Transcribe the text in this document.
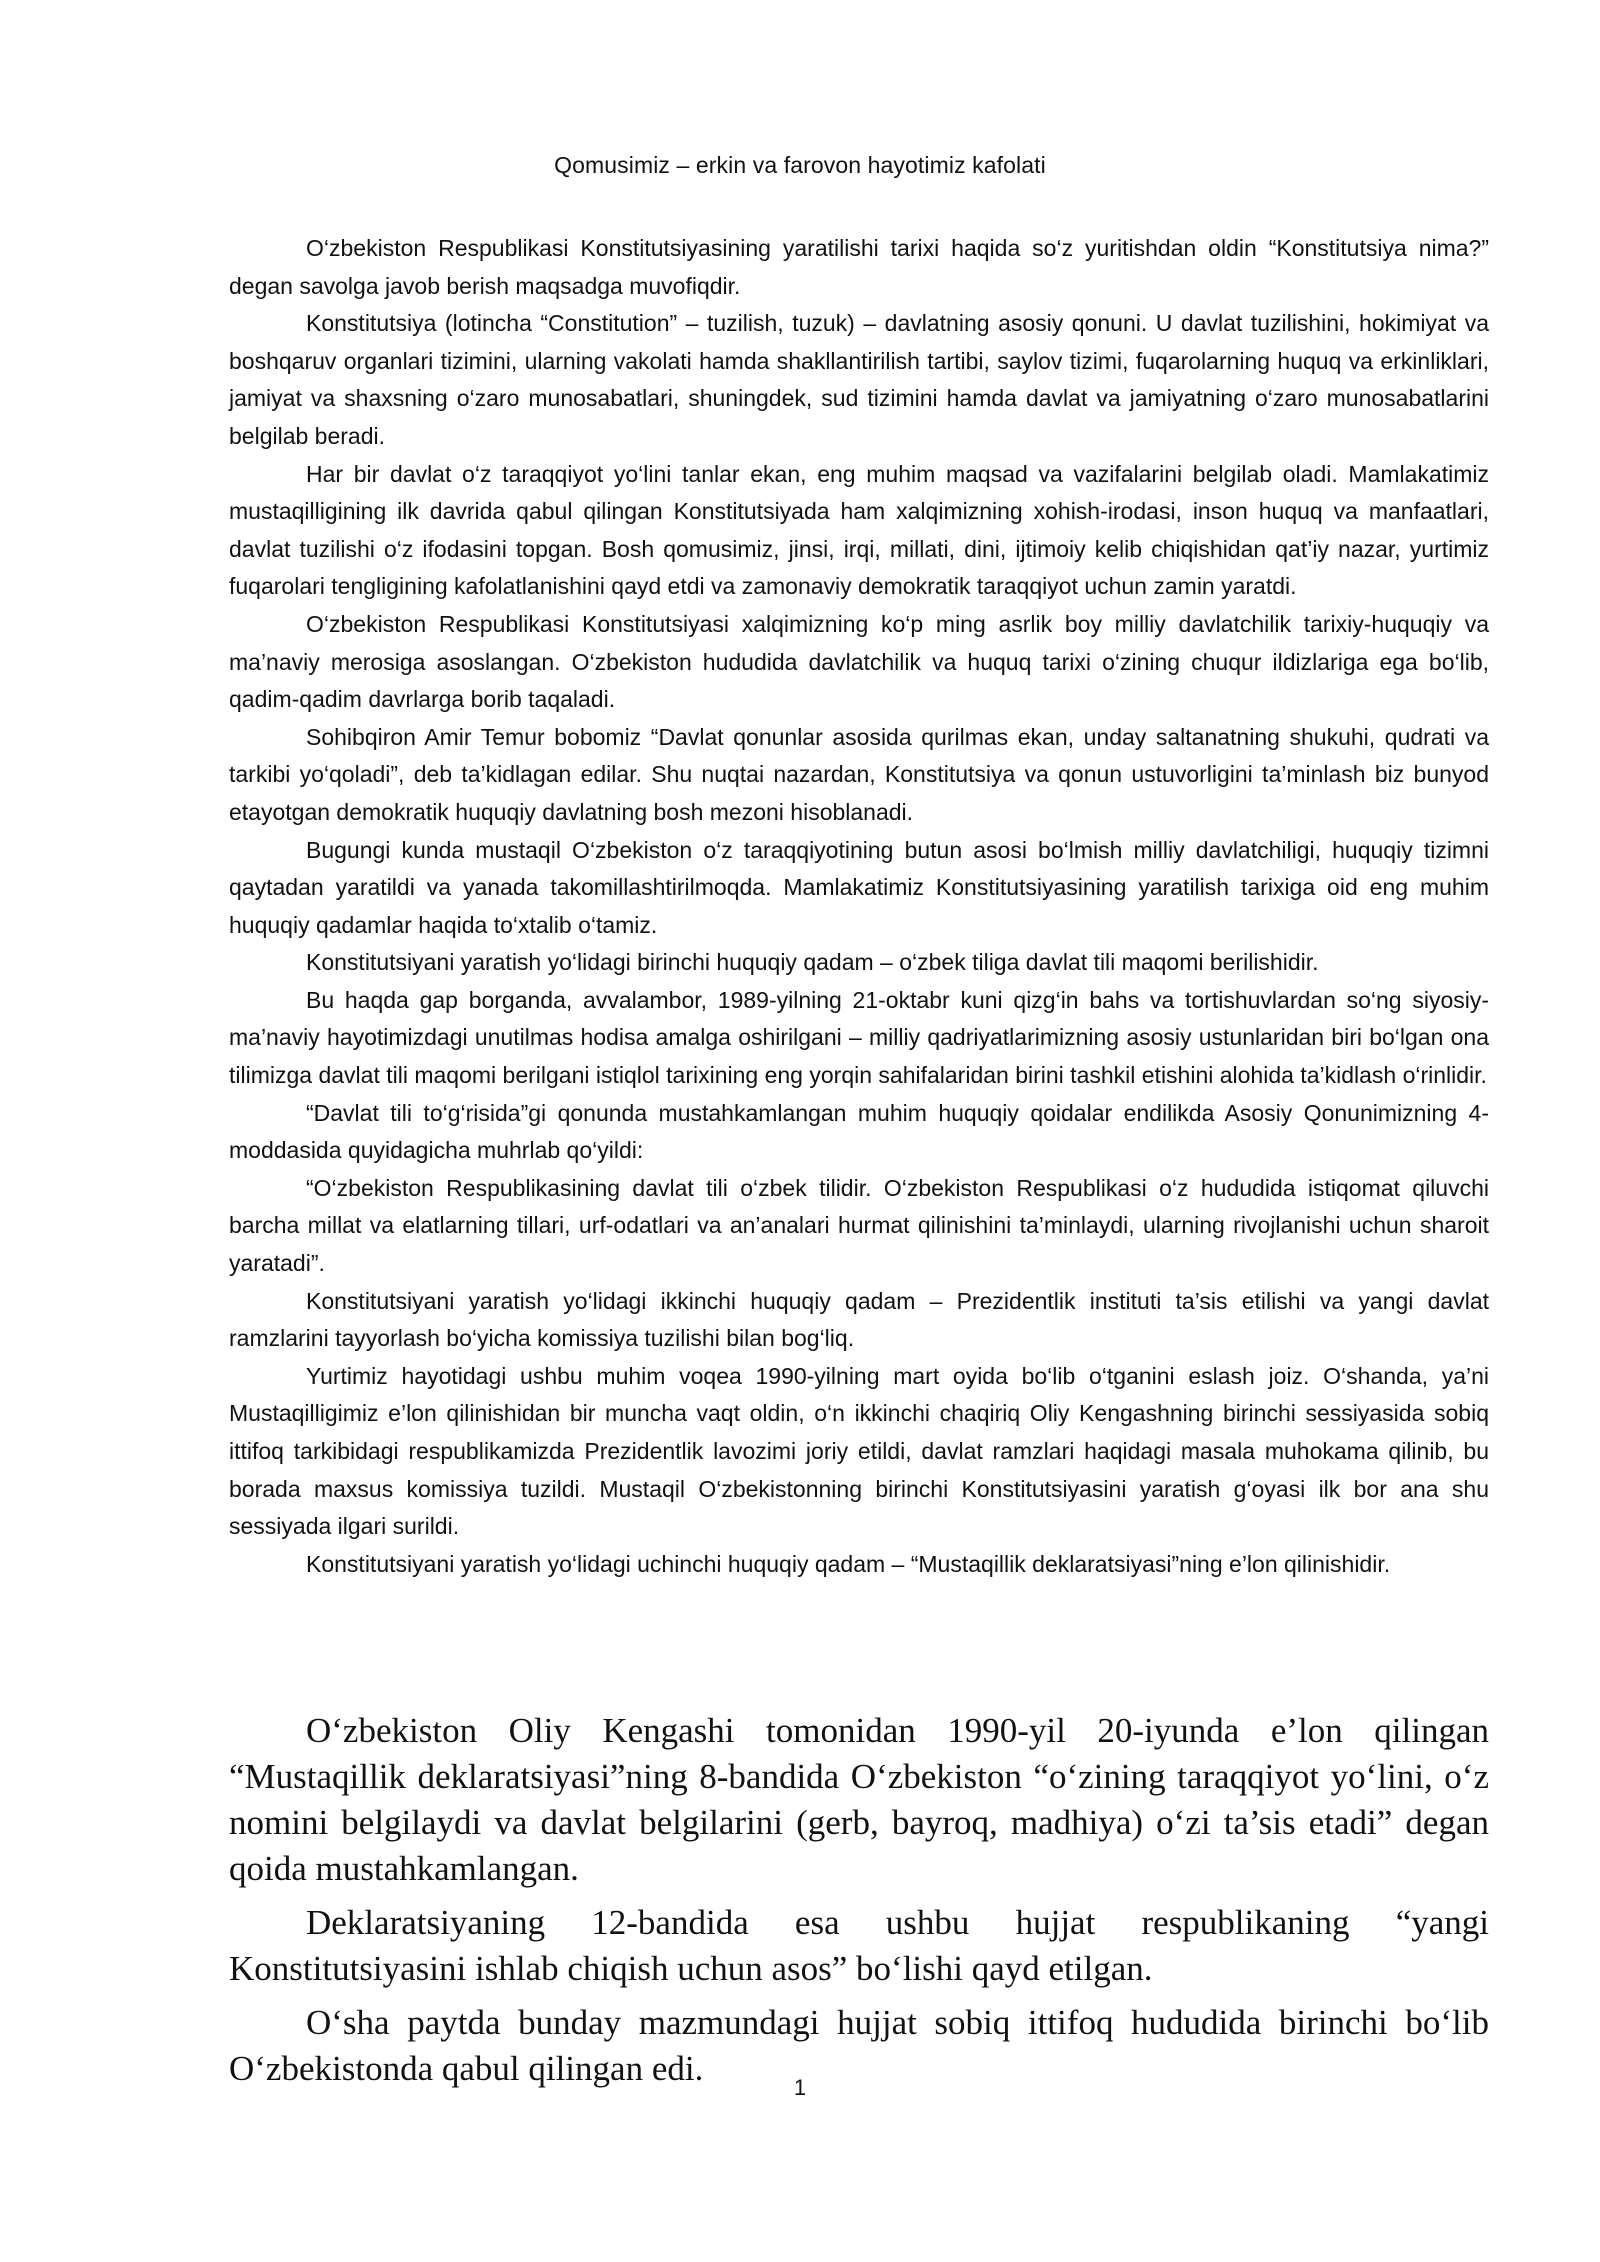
Qomusimiz – erkin va farovon hayotimiz kafolati

O‘zbekiston Respublikasi Konstitutsiyasining yaratilishi tarixi haqida so‘z yuritishdan oldin “Konstitutsiya nima?” degan savolga javob berish maqsadga muvofiqdir.

Konstitutsiya (lotincha “Constitution” – tuzilish, tuzuk) – davlatning asosiy qonuni. U davlat tuzilishini, hokimiyat va boshqaruv organlari tizimini, ularning vakolati hamda shakllantirilish tartibi, saylov tizimi, fuqarolarning huquq va erkinliklari, jamiyat va shaxsning o‘zaro munosabatlari, shuningdek, sud tizimini hamda davlat va jamiyatning o‘zaro munosabatlarini belgilab beradi.

Har bir davlat o‘z taraqqiyot yo‘lini tanlar ekan, eng muhim maqsad va vazifalarini belgilab oladi. Mamlakatimiz mustaqilligining ilk davrida qabul qilingan Konstitutsiyada ham xalqimizning xohish-irodasi, inson huquq va manfaatlari, davlat tuzilishi o‘z ifodasini topgan. Bosh qomusimiz, jinsi, irqi, millati, dini, ijtimoiy kelib chiqishidan qat’iy nazar, yurtimiz fuqarolari tengligining kafolatlanishini qayd etdi va zamonaviy demokratik taraqqiyot uchun zamin yaratdi.

O‘zbekiston Respublikasi Konstitutsiyasi xalqimizning ko‘p ming asrlik boy milliy davlatchilik tarixiy-huquqiy va ma’naviy merosiga asoslangan. O‘zbekiston hududida davlatchilik va huquq tarixi o‘zining chuqur ildizlariga ega bo‘lib, qadim-qadim davrlarga borib taqaladi.

Sohibqiron Amir Temur bobomiz “Davlat qonunlar asosida qurilmas ekan, unday saltanatning shukuhi, qudrati va tarkibi yo‘qoladi”, deb ta’kidlagan edilar. Shu nuqtai nazardan, Konstitutsiya va qonun ustuvorligini ta’minlash biz bunyod etayotgan demokratik huquqiy davlatning bosh mezoni hisoblanadi.

Bugungi kunda mustaqil O‘zbekiston o‘z taraqqiyotining butun asosi bo‘lmish milliy davlatchiligi, huquqiy tizimni qaytadan yaratildi va yanada takomillashtirilmoqda. Mamlakatimiz Konstitutsiyasining yaratilish tarixiga oid eng muhim huquqiy qadamlar haqida to‘xtalib o‘tamiz.

Konstitutsiyani yaratish yo‘lidagi birinchi huquqiy qadam – o‘zbek tiliga davlat tili maqomi berilishidir.

Bu haqda gap borganda, avvalambor, 1989-yilning 21-oktabr kuni qizg‘in bahs va tortishuvlardan so‘ng siyosiy-ma’naviy hayotimizdagi unutilmas hodisa amalga oshirilgani – milliy qadriyatlarimizning asosiy ustunlaridan biri bo‘lgan ona tilimizga davlat tili maqomi berilgani istiqlol tarixining eng yorqin sahifalaridan birini tashkil etishini alohida ta’kidlash o‘rinlidir.

“Davlat tili to‘g‘risida”gi qonunda mustahkamlangan muhim huquqiy qoidalar endilikda Asosiy Qonunimizning 4-moddasida quyidagicha muhrlab qo‘yildi:

“O‘zbekiston Respublikasining davlat tili o‘zbek tilidir. O‘zbekiston Respublikasi o‘z hududida istiqomat qiluvchi barcha millat va elatlarning tillari, urf-odatlari va an’analari hurmat qilinishini ta’minlaydi, ularning rivojlanishi uchun sharoit yaratadi”.

Konstitutsiyani yaratish yo‘lidagi ikkinchi huquqiy qadam – Prezidentlik instituti ta’sis etilishi va yangi davlat ramzlarini tayyorlash bo‘yicha komissiya tuzilishi bilan bog‘liq.

Yurtimiz hayotidagi ushbu muhim voqea 1990-yilning mart oyida bo‘lib o‘tganini eslash joiz. O‘shanda, ya’ni Mustaqilligimiz e’lon qilinishidan bir muncha vaqt oldin, o‘n ikkinchi chaqiriq Oliy Kengashning birinchi sessiyasida sobiq ittifoq tarkibidagi respublikamizda Prezidentlik lavozimi joriy etildi, davlat ramzlari haqidagi masala muhokama qilinib, bu borada maxsus komissiya tuzildi. Mustaqil O‘zbekistonning birinchi Konstitutsiyasini yaratish g‘oyasi ilk bor ana shu sessiyada ilgari surildi.

Konstitutsiyani yaratish yo‘lidagi uchinchi huquqiy qadam – “Mustaqillik deklaratsiyasi”ning e’lon qilinishidir.

O‘zbekiston Oliy Kengashi tomonidan 1990-yil 20-iyunda e’lon qilingan “Mustaqillik deklaratsiyasi”ning 8-bandida O‘zbekiston “o‘zining taraqqiyot yo‘lini, o‘z nomini belgilaydi va davlat belgilarini (gerb, bayroq, madhiya) o‘zi ta’sis etadi” degan qoida mustahkamlangan.

Deklaratsiyaning 12-bandida esa ushbu hujjat respublikaning “yangi Konstitutsiyasini ishlab chiqish uchun asos” bo‘lishi qayd etilgan.

O‘sha paytda bunday mazmundagi hujjat sobiq ittifoq hududida birinchi bo‘lib O‘zbekistonda qabul qilingan edi.	1
